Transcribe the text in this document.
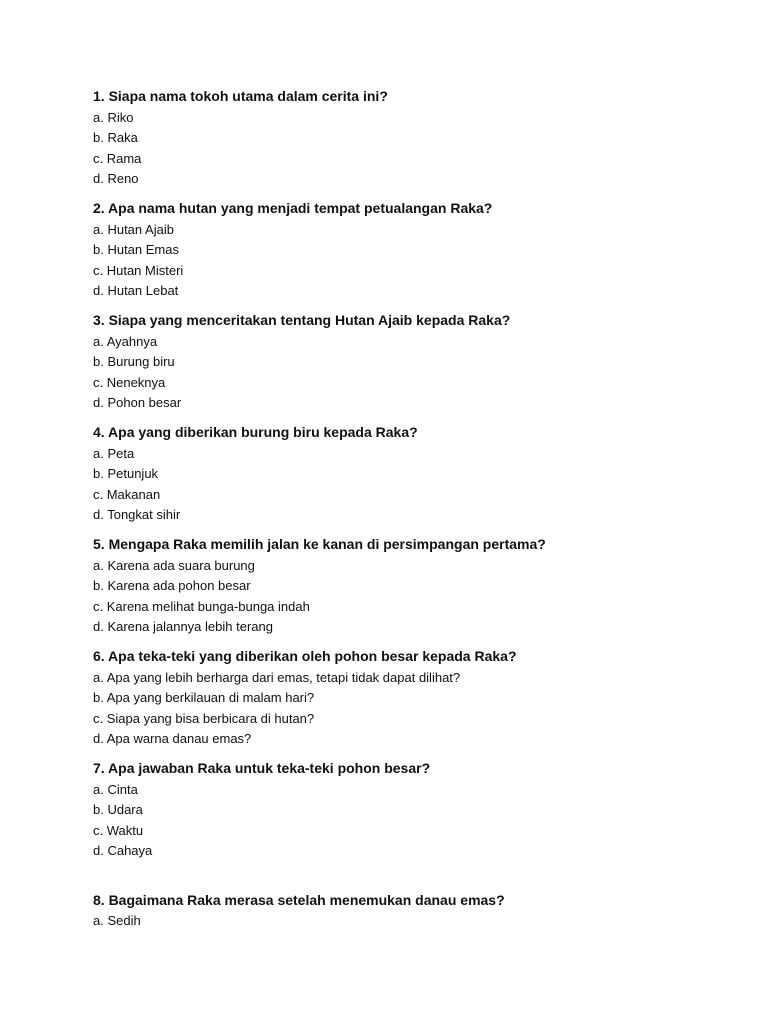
1. Siapa nama tokoh utama dalam cerita ini?
a. Riko
b. Raka
c. Rama
d. Reno
2. Apa nama hutan yang menjadi tempat petualangan Raka?
a. Hutan Ajaib
b. Hutan Emas
c. Hutan Misteri
d. Hutan Lebat
3. Siapa yang menceritakan tentang Hutan Ajaib kepada Raka?
a. Ayahnya
b. Burung biru
c. Neneknya
d. Pohon besar
4. Apa yang diberikan burung biru kepada Raka?
a. Peta
b. Petunjuk
c. Makanan
d. Tongkat sihir
5. Mengapa Raka memilih jalan ke kanan di persimpangan pertama?
a. Karena ada suara burung
b. Karena ada pohon besar
c. Karena melihat bunga-bunga indah
d. Karena jalannya lebih terang
6. Apa teka-teki yang diberikan oleh pohon besar kepada Raka?
a. Apa yang lebih berharga dari emas, tetapi tidak dapat dilihat?
b. Apa yang berkilauan di malam hari?
c. Siapa yang bisa berbicara di hutan?
d. Apa warna danau emas?
7. Apa jawaban Raka untuk teka-teki pohon besar?
a. Cinta
b. Udara
c. Waktu
d. Cahaya
8. Bagaimana Raka merasa setelah menemukan danau emas?
a. Sedih
